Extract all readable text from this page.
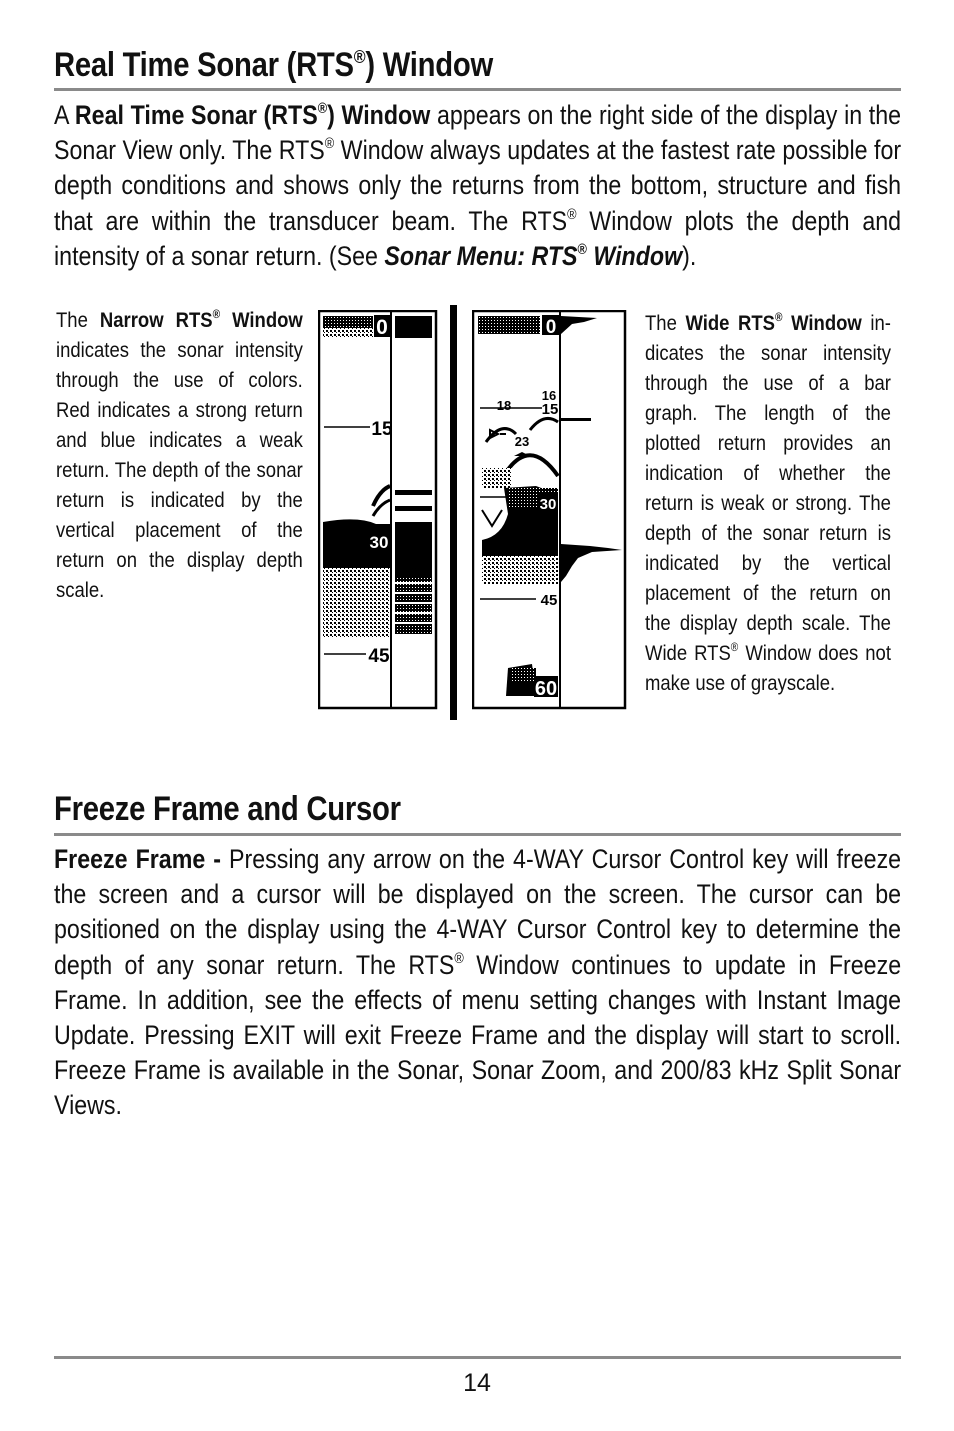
Real Time Sonar (RTS®) Window

A Real Time Sonar (RTS®) Window appears on the right side of the display in the Sonar View only. The RTS® Window always updates at the fastest rate possible for depth conditions and shows only the returns from the bottom, structure and fish that are within the transducer beam. The RTS® Window plots the depth and intensity of a sonar return. (See Sonar Menu: RTS® Window).

The Narrow RTS® Window indicates the sonar intensity through the use of colors. Red indicates a strong return and blue indicates a weak return. The depth of the sonar return is indicated by the vertical placement of the return on the display depth scale.

0
15
30
45
0
18
16
15
23
30
45
60

The Wide RTS® Window indicates the sonar intensity through the use of a bar graph. The length of the plotted return provides an indication of whether the return is weak or strong. The depth of the sonar return is indicated by the vertical placement of the return on the display depth scale. The Wide RTS® Window does not make use of grayscale.

Freeze Frame and Cursor

Freeze Frame - Pressing any arrow on the 4-WAY Cursor Control key will freeze the screen and a cursor will be displayed on the screen. The cursor can be positioned on the display using the 4-WAY Cursor Control key to determine the depth of any sonar return. The RTS® Window continues to update in Freeze Frame. In addition, see the effects of menu setting changes with Instant Image Update. Pressing EXIT will exit Freeze Frame and the display will start to scroll. Freeze Frame is available in the Sonar, Sonar Zoom, and 200/83 kHz Split Sonar Views.

14
